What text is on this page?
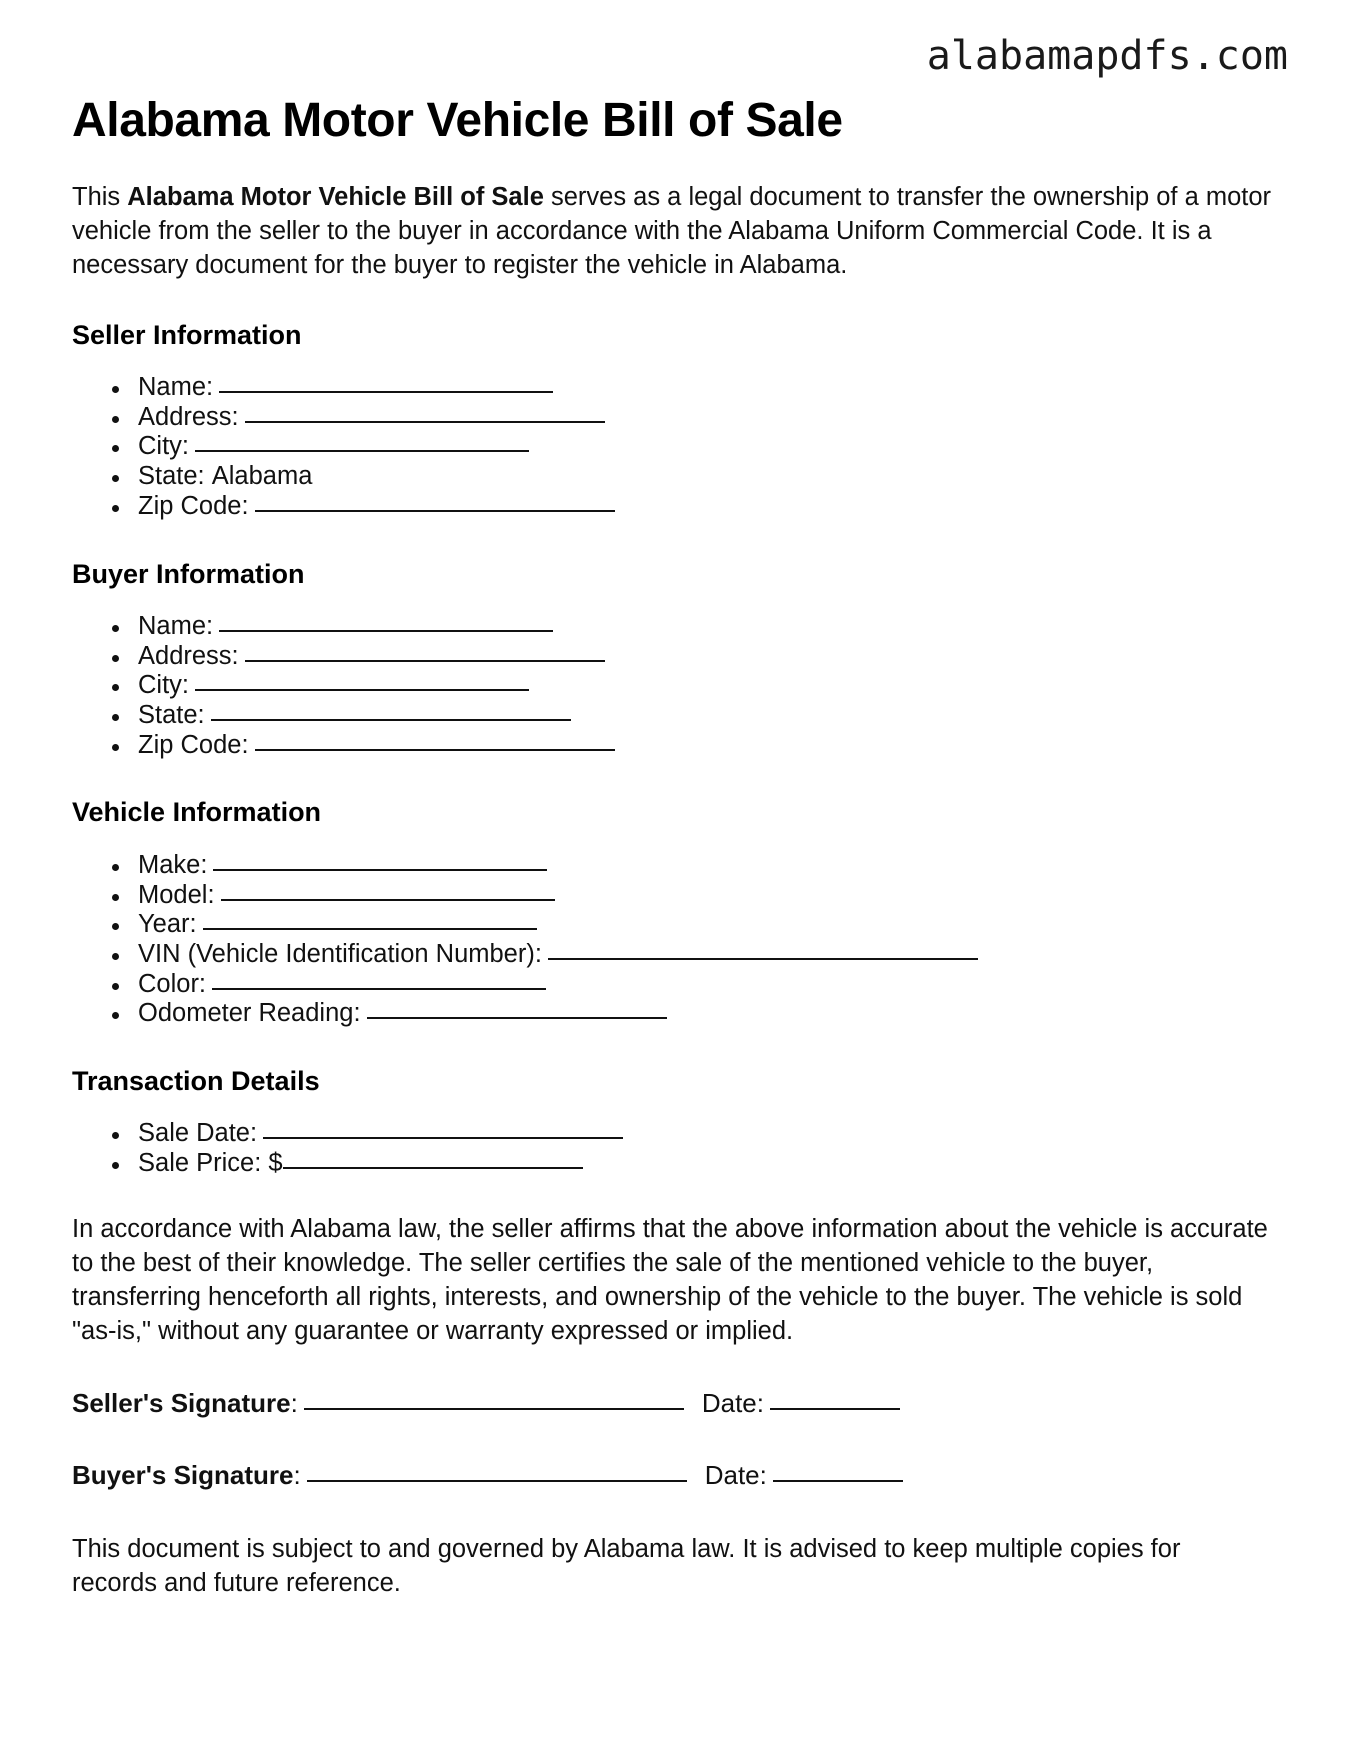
alabamapdfs.com
Alabama Motor Vehicle Bill of Sale

This Alabama Motor Vehicle Bill of Sale serves as a legal document to transfer the ownership of a motor vehicle from the seller to the buyer in accordance with the Alabama Uniform Commercial Code. It is a necessary document for the buyer to register the vehicle in Alabama.

Seller Information
Name:
Address:
City:
State: Alabama
Zip Code:
Buyer Information
Name:
Address:
City:
State:
Zip Code:
Vehicle Information
Make:
Model:
Year:
VIN (Vehicle Identification Number):
Color:
Odometer Reading:
Transaction Details
Sale Date:
Sale Price: $

In accordance with Alabama law, the seller affirms that the above information about the vehicle is accurate to the best of their knowledge. The seller certifies the sale of the mentioned vehicle to the buyer, transferring henceforth all rights, interests, and ownership of the vehicle to the buyer. The vehicle is sold "as-is," without any guarantee or warranty expressed or implied.

Seller's Signature:	Date:

Buyer's Signature:	Date:

This document is subject to and governed by Alabama law. It is advised to keep multiple copies for records and future reference.
